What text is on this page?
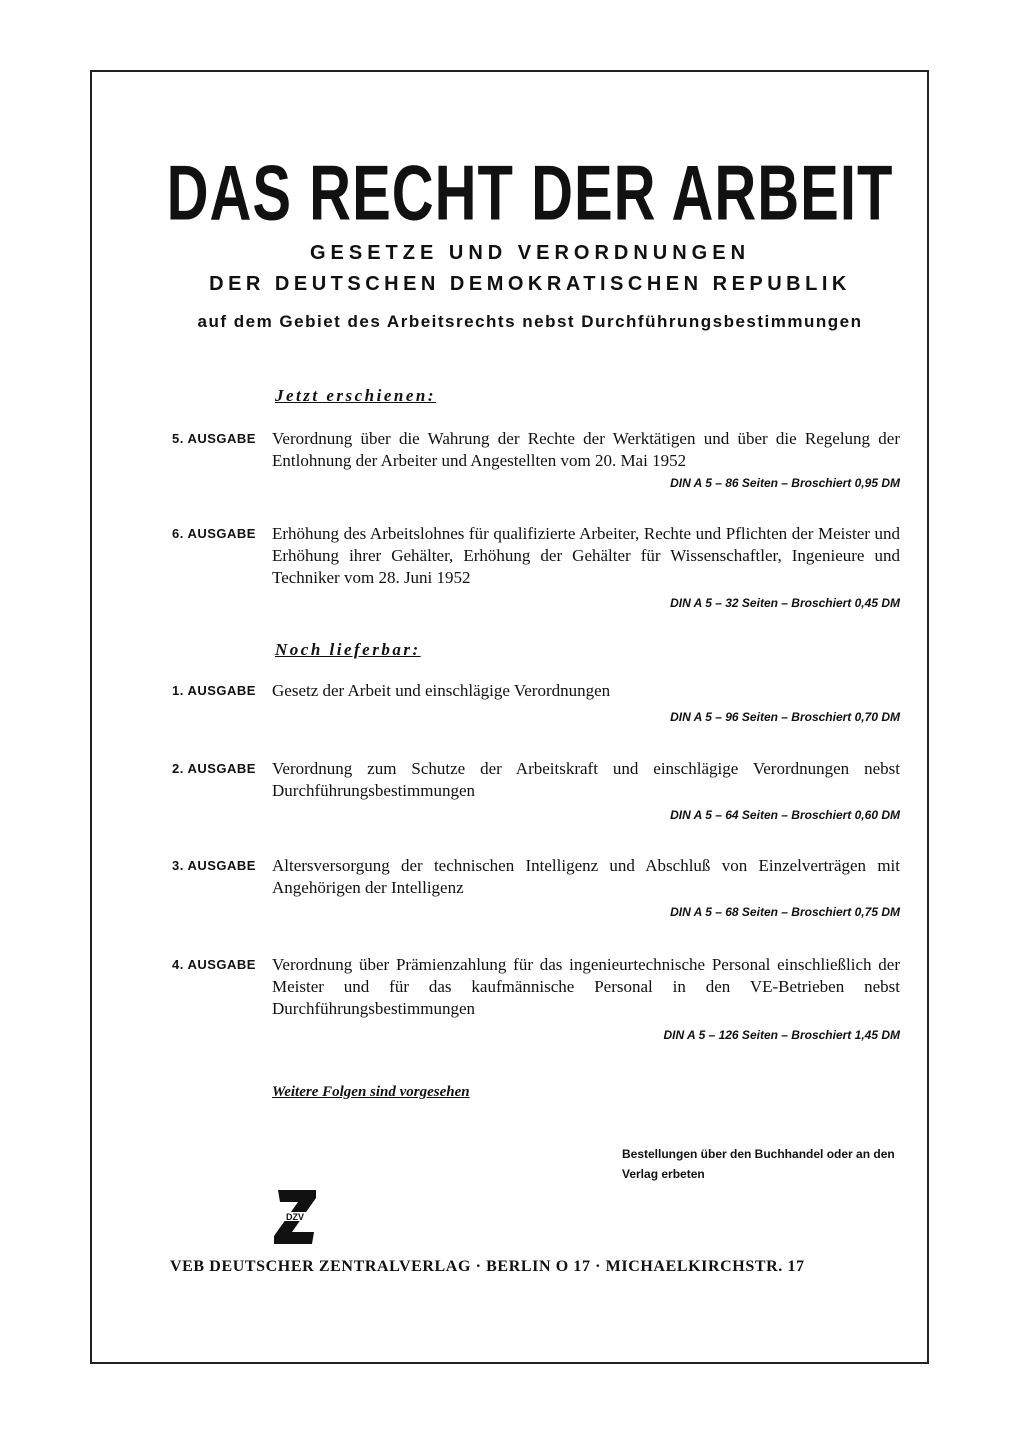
DAS RECHT DER ARBEIT
GESETZE UND VERORDNUNGEN
DER DEUTSCHEN DEMOKRATISCHEN REPUBLIK
auf dem Gebiet des Arbeitsrechts nebst Durchführungsbestimmungen
Jetzt erschienen:
5. AUSGABE Verordnung über die Wahrung der Rechte der Werktätigen und über die Regelung der Entlohnung der Arbeiter und Angestellten vom 20. Mai 1952
DIN A 5 – 86 Seiten – Broschiert 0,95 DM
6. AUSGABE Erhöhung des Arbeitslohnes für qualifizierte Arbeiter, Rechte und Pflichten der Meister und Erhöhung ihrer Gehälter, Erhöhung der Gehälter für Wissenschaftler, Ingenieure und Techniker vom 28. Juni 1952
DIN A 5 – 32 Seiten – Broschiert 0,45 DM
Noch lieferbar:
1. AUSGABE Gesetz der Arbeit und einschlägige Verordnungen
DIN A 5 – 96 Seiten – Broschiert 0,70 DM
2. AUSGABE Verordnung zum Schutze der Arbeitskraft und einschlägige Verordnungen nebst Durchführungsbestimmungen
DIN A 5 – 64 Seiten – Broschiert 0,60 DM
3. AUSGABE Altersversorgung der technischen Intelligenz und Abschluß von Einzelverträgen mit Angehörigen der Intelligenz
DIN A 5 – 68 Seiten – Broschiert 0,75 DM
4. AUSGABE Verordnung über Prämienzahlung für das ingenieurtechnische Personal einschließlich der Meister und für das kaufmännische Personal in den VE-Betrieben nebst Durchführungsbestimmungen
DIN A 5 – 126 Seiten – Broschiert 1,45 DM
Weitere Folgen sind vorgesehen
Bestellungen über den Buchhandel oder an den Verlag erbeten
DZV
VEB DEUTSCHER ZENTRALVERLAG · BERLIN O 17 · MICHAELKIRCHSTR. 17
